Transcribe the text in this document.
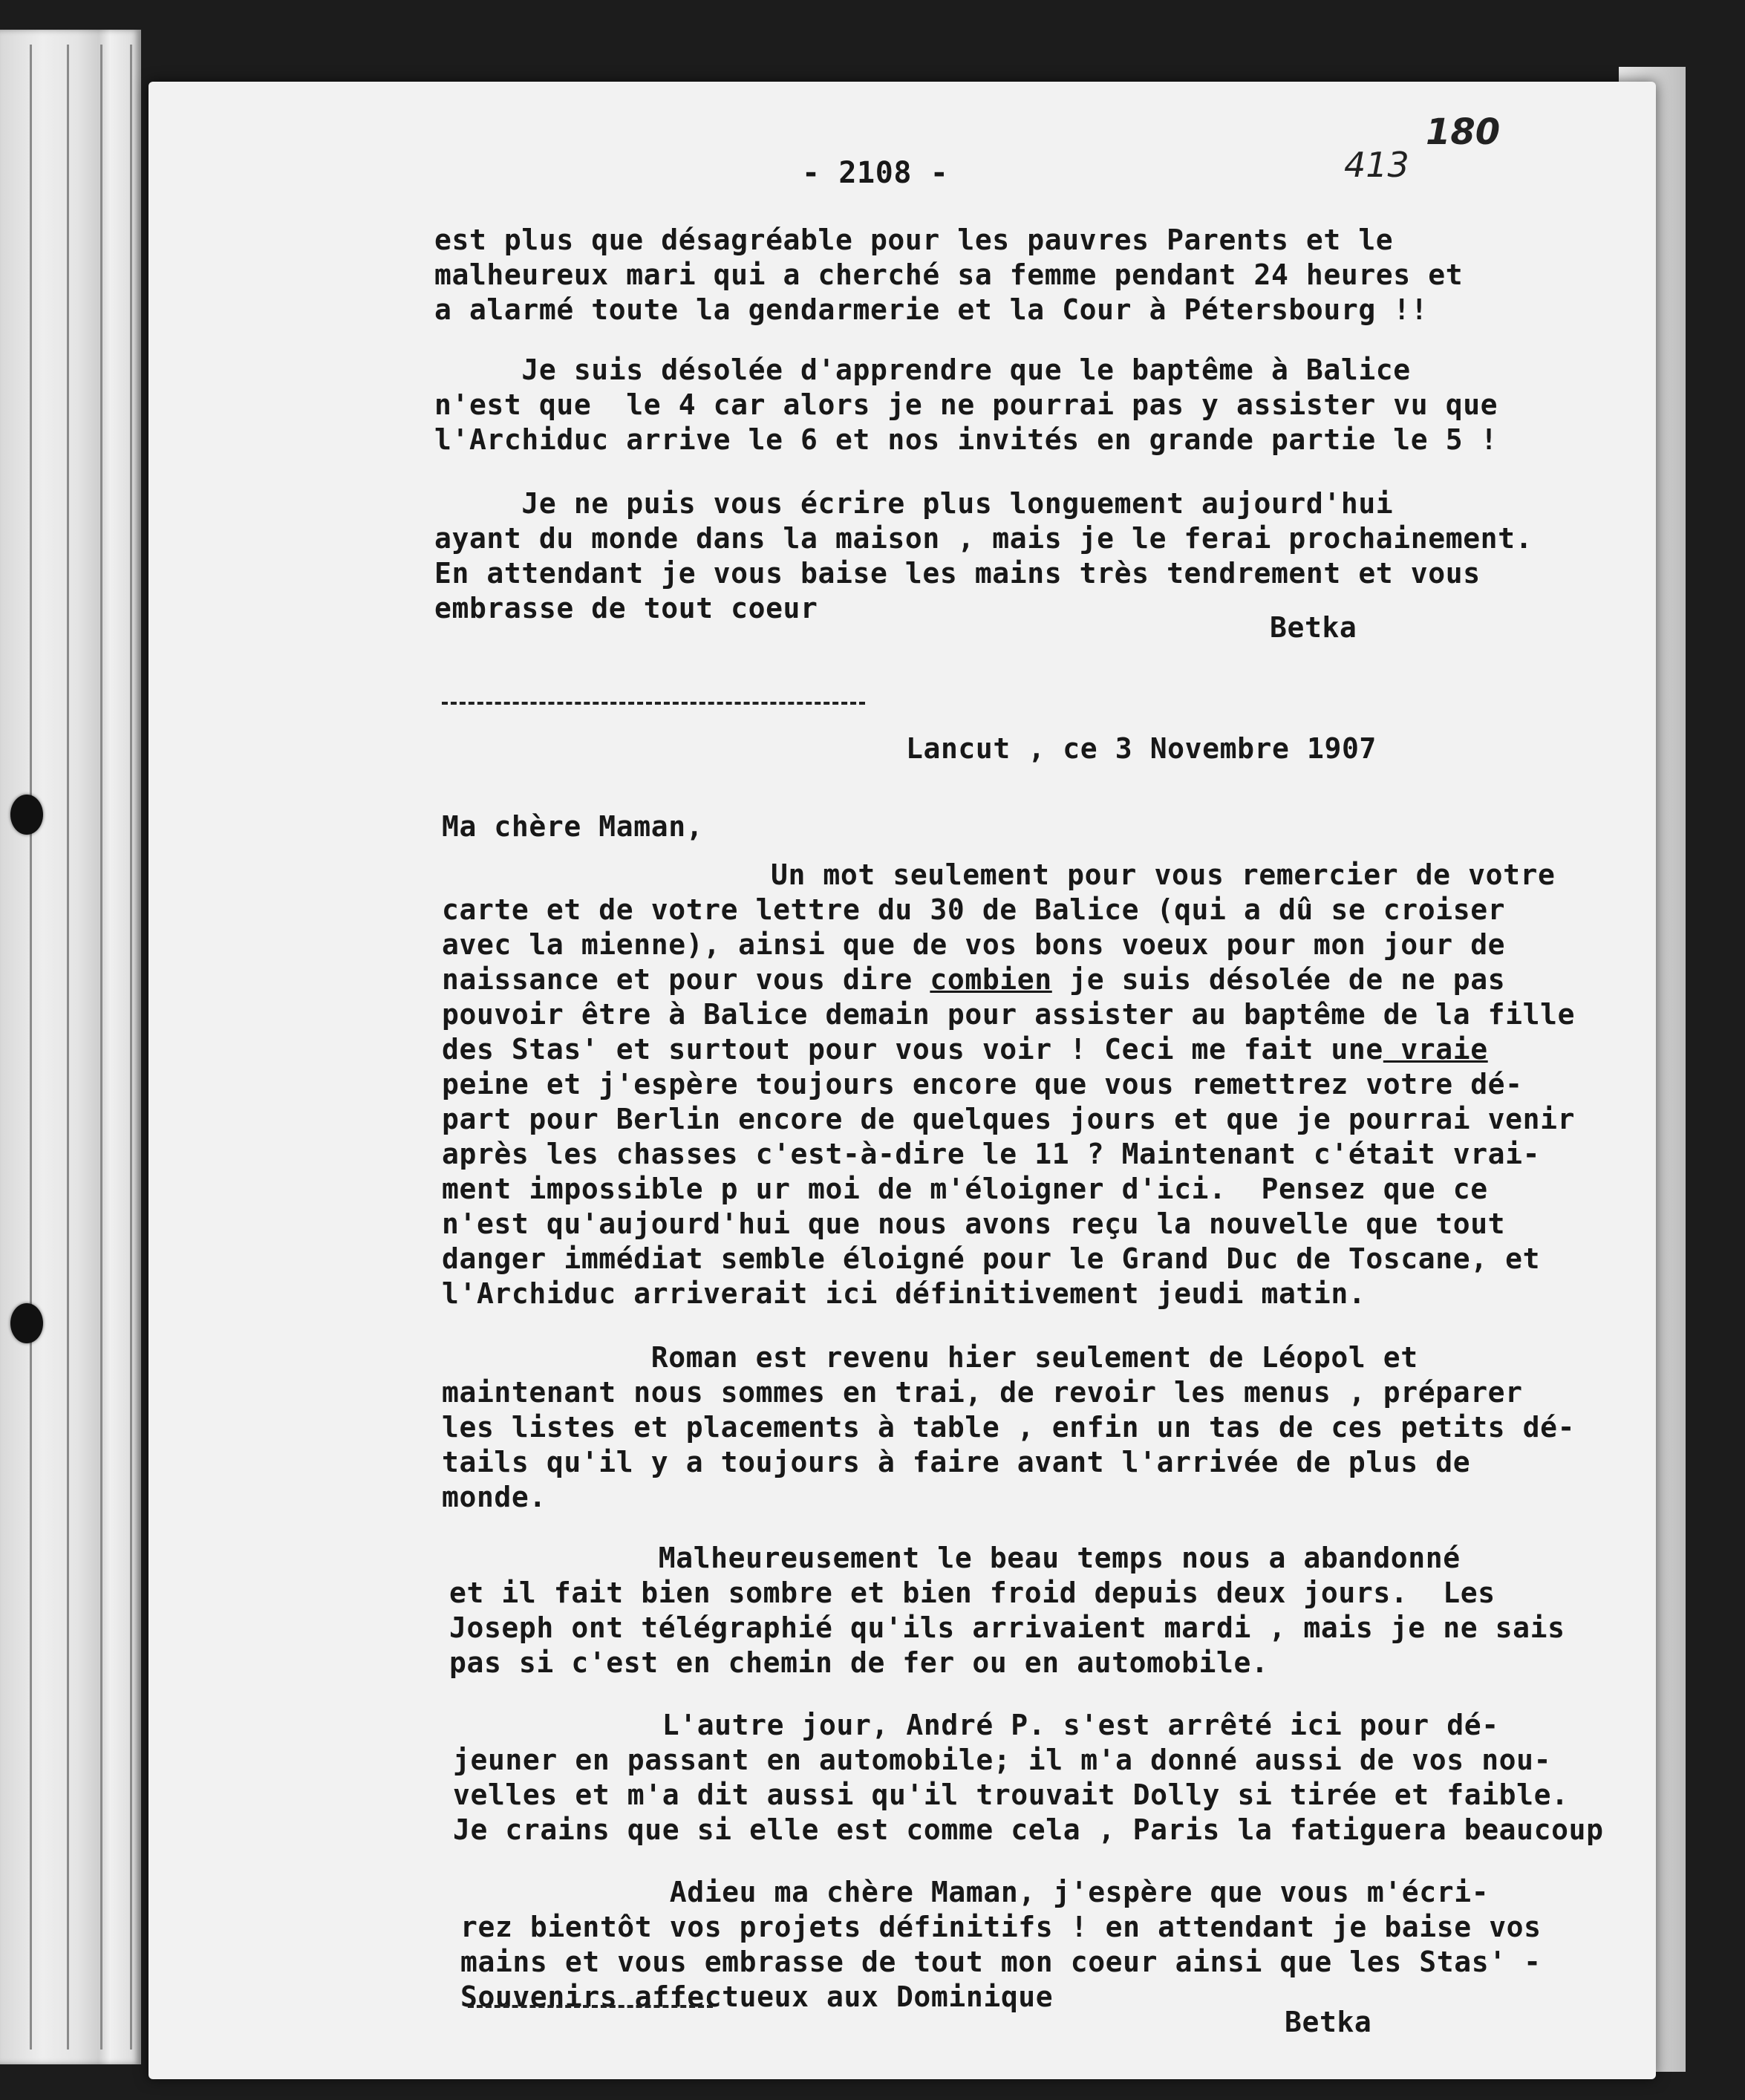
- 2108 -	413
180
est plus que désagréable pour les pauvres Parents et le
malheureux mari qui a cherché sa femme pendant 24 heures et
a alarmé toute la gendarmerie et la Cour à Pétersbourg !!
Je suis désolée d'apprendre que le baptême à Balice
n'est que  le 4 car alors je ne pourrai pas y assister vu que
l'Archiduc arrive le 6 et nos invités en grande partie le 5 !
Je ne puis vous écrire plus longuement aujourd'hui
ayant du monde dans la maison , mais je le ferai prochainement.
En attendant je vous baise les mains très tendrement et vous
embrasse de tout coeur
Betka
Lancut , ce 3 Novembre 1907
Ma chère Maman,
Un mot seulement pour vous remercier de votre
carte et de votre lettre du 30 de Balice (qui a dû se croiser
avec la mienne), ainsi que de vos bons voeux pour mon jour de
naissance et pour vous dire combien je suis désolée de ne pas
pouvoir être à Balice demain pour assister au baptême de la fille
des Stas' et surtout pour vous voir ! Ceci me fait une vraie
peine et j'espère toujours encore que vous remettrez votre dé-
part pour Berlin encore de quelques jours et que je pourrai venir
après les chasses c'est-à-dire le 11 ? Maintenant c'était vrai-
ment impossible p ur moi de m'éloigner d'ici.  Pensez que ce
n'est qu'aujourd'hui que nous avons reçu la nouvelle que tout
danger immédiat semble éloigné pour le Grand Duc de Toscane, et
l'Archiduc arriverait ici définitivement jeudi matin.
Roman est revenu hier seulement de Léopol et
maintenant nous sommes en trai, de revoir les menus , préparer
les listes et placements à table , enfin un tas de ces petits dé-
tails qu'il y a toujours à faire avant l'arrivée de plus de
monde.
Malheureusement le beau temps nous a abandonné
et il fait bien sombre et bien froid depuis deux jours.  Les
Joseph ont télégraphié qu'ils arrivaient mardi , mais je ne sais
pas si c'est en chemin de fer ou en automobile.
L'autre jour, André P. s'est arrêté ici pour dé-
jeuner en passant en automobile; il m'a donné aussi de vos nou-
velles et m'a dit aussi qu'il trouvait Dolly si tirée et faible.
Je crains que si elle est comme cela , Paris la fatiguera beaucoup
Adieu ma chère Maman, j'espère que vous m'écri-
rez bientôt vos projets définitifs ! en attendant je baise vos
mains et vous embrasse de tout mon coeur ainsi que les Stas' -
Souvenirs affectueux aux Dominique
Betka
